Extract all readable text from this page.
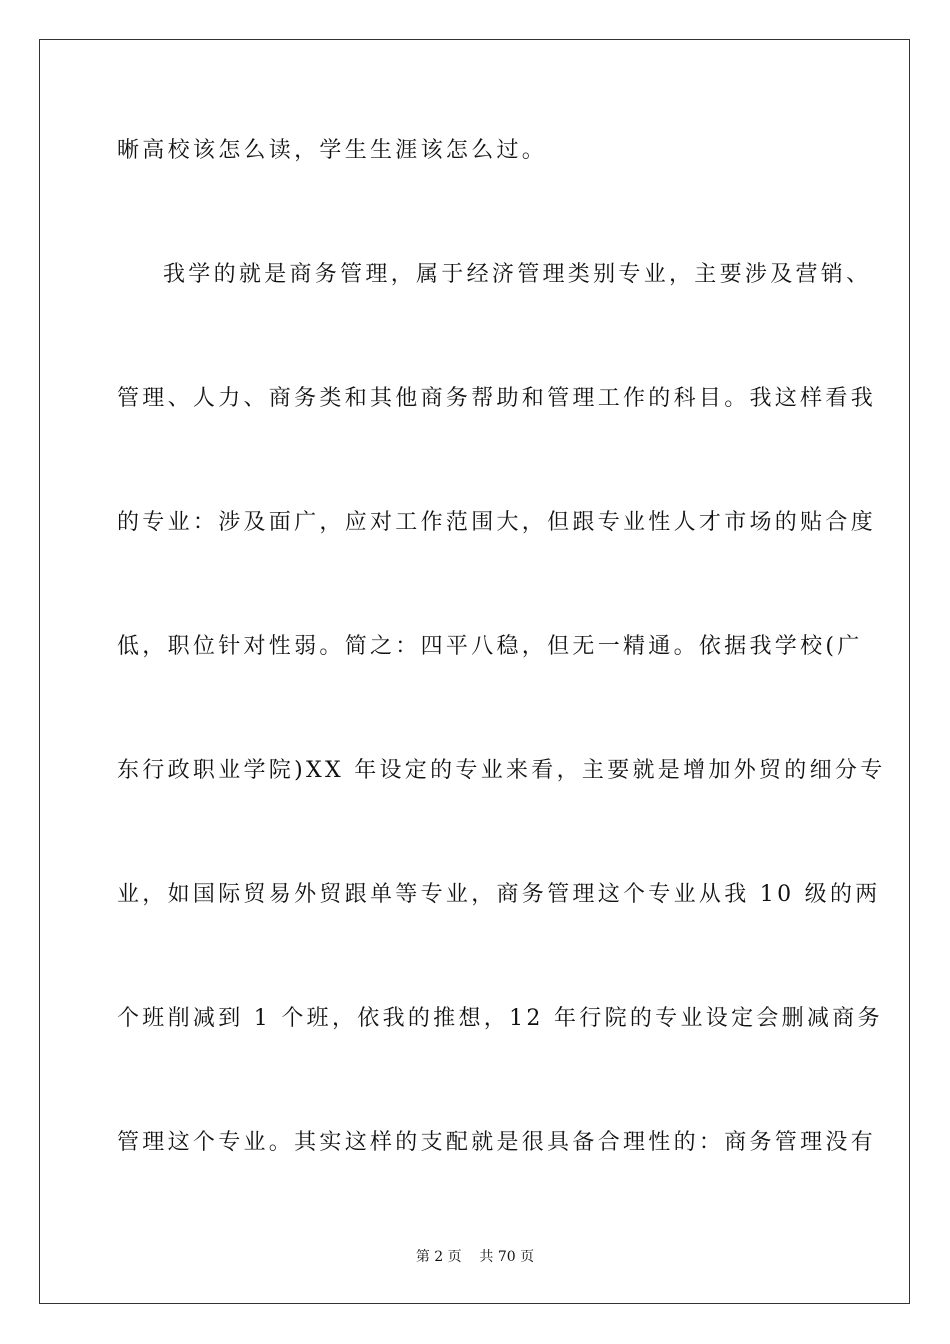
晰高校该怎么读，学生生涯该怎么过。
我学的就是商务管理，属于经济管理类别专业，主要涉及营销、
管理、人力、商务类和其他商务帮助和管理工作的科目。我这样看我
的专业：涉及面广，应对工作范围大，但跟专业性人才市场的贴合度
低，职位针对性弱。简之：四平八稳，但无一精通。依据我学校(广
东行政职业学院)XX 年设定的专业来看，主要就是增加外贸的细分专
业，如国际贸易外贸跟单等专业，商务管理这个专业从我 10 级的两
个班削减到 1 个班，依我的推想，12 年行院的专业设定会删减商务
管理这个专业。其实这样的支配就是很具备合理性的：商务管理没有
第 2 页    共 70 页
